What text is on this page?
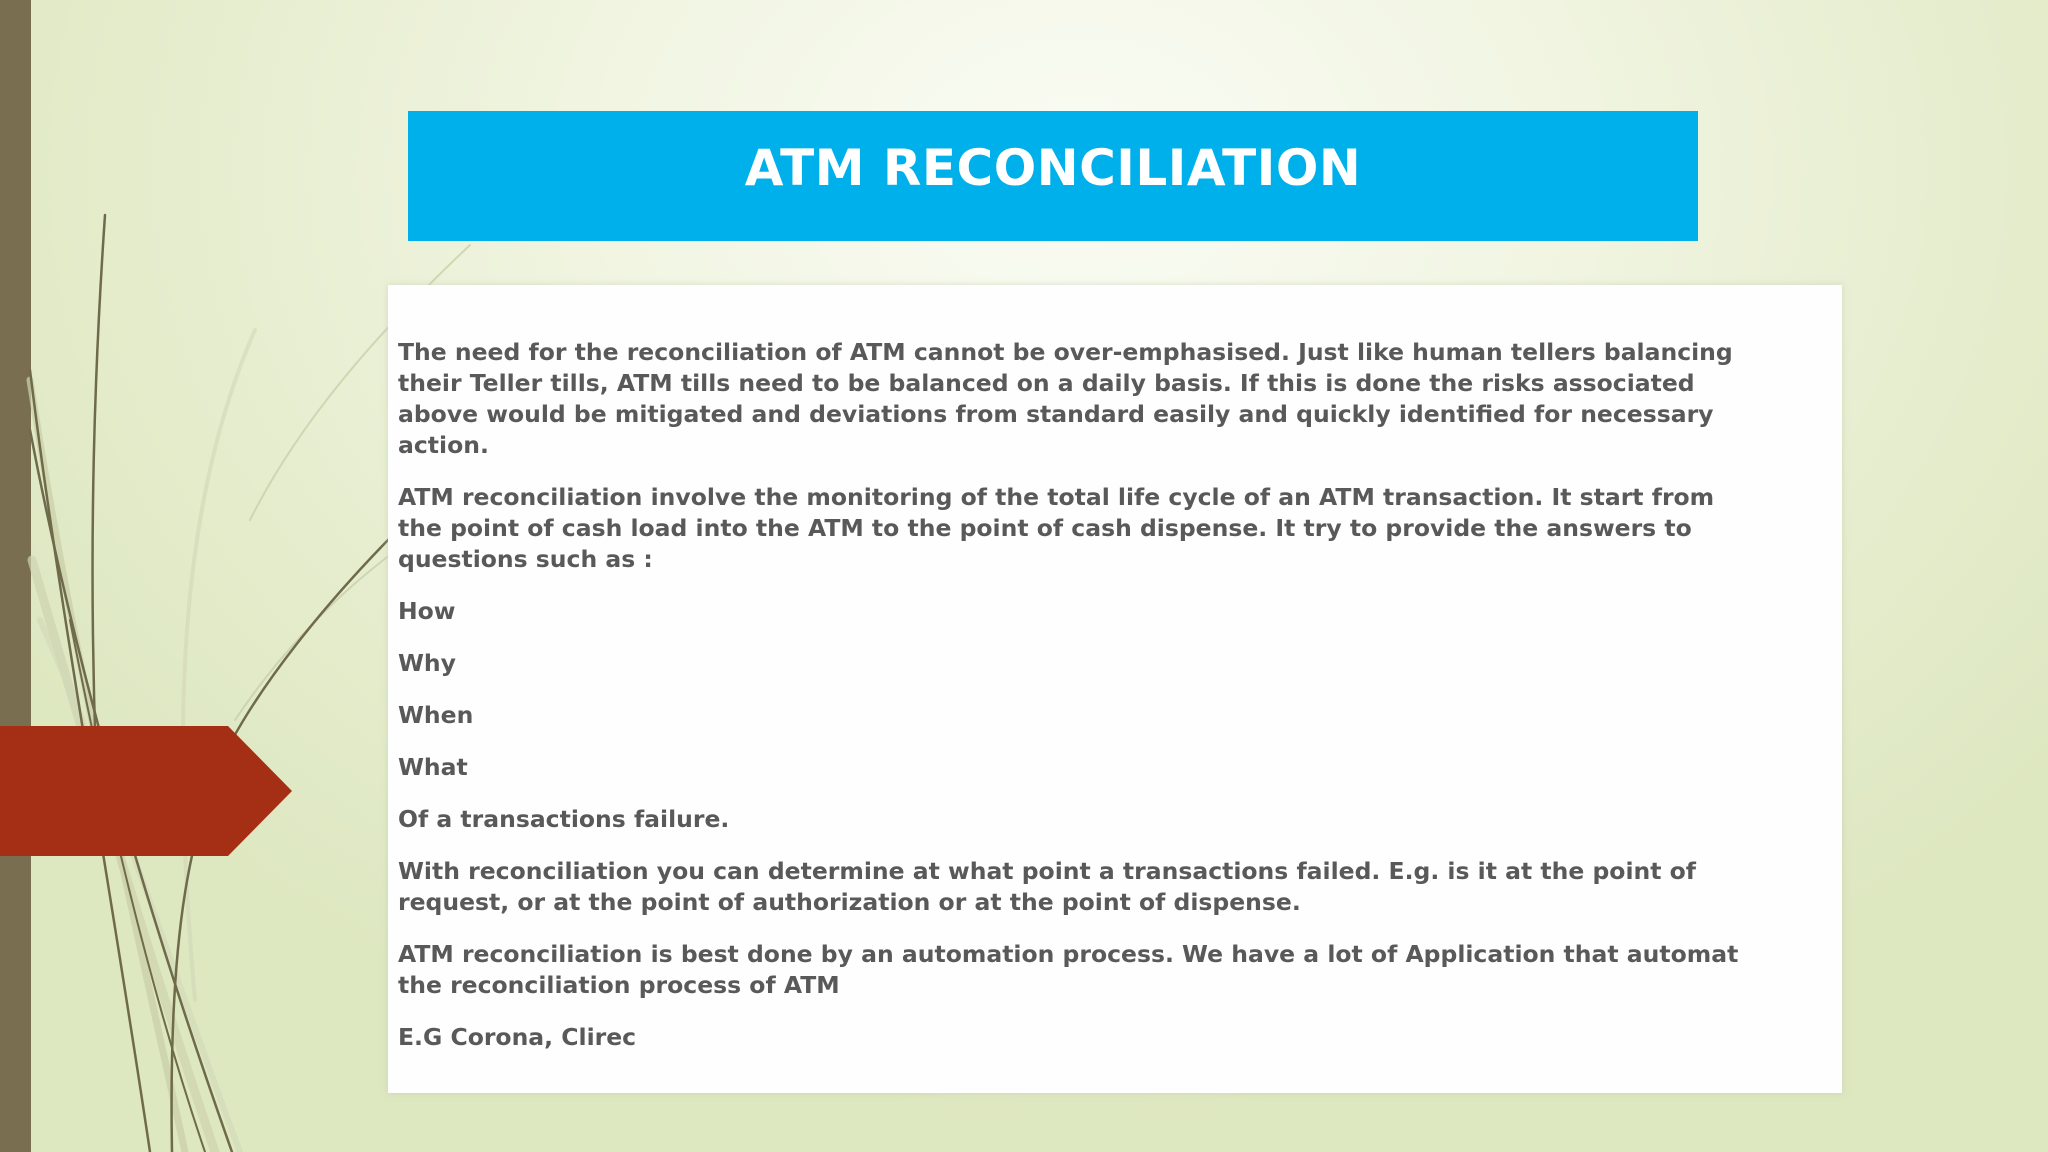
ATM RECONCILIATION

The need for the reconciliation of ATM cannot be over-emphasised. Just like human tellers balancing
their Teller tills, ATM tills need to be balanced on a daily basis. If this is done the risks associated
above would be mitigated and deviations from standard easily and quickly identified for necessary
action.

ATM reconciliation involve the monitoring of the total life cycle of an ATM transaction. It start from
the point of cash load into the ATM to the point of cash dispense. It try to provide the answers to
questions such as :

How

Why

When

What

Of a transactions failure.

With reconciliation you can determine at what point a transactions failed. E.g. is it at the point of
request, or at the point of authorization or at the point of dispense.

ATM reconciliation is best done by an automation process. We have a lot of Application that automat
the reconciliation process of ATM

E.G Corona, Clirec
